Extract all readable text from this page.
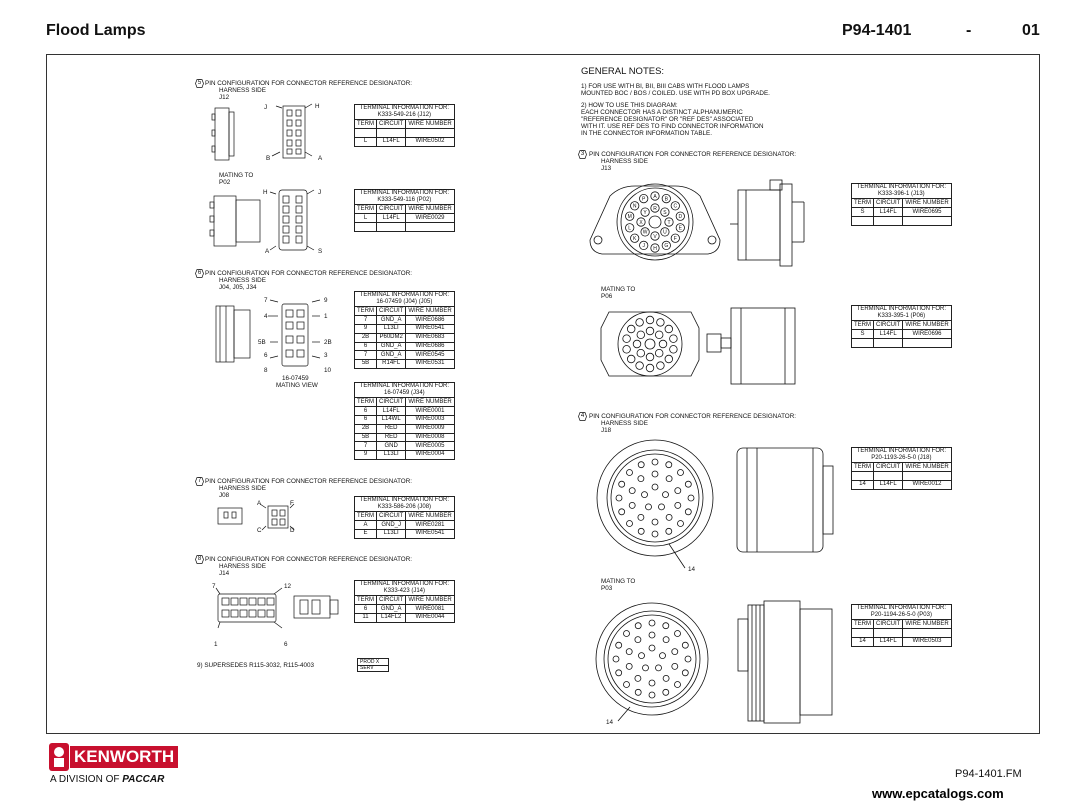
Flood Lamps	P94-1401	-	01
5 PIN CONFIGURATION FOR CONNECTOR REFERENCE DESIGNATOR:
HARNESS SIDE
J12
J	H
B	A
TERMINAL INFORMATION FOR:
K333-549-216 (J12)		
TERM	CIRCUIT	WIRE NUMBER

L	L14FL	WIRE0502
MATING TO
P02
H	J
A	S
TERMINAL INFORMATION FOR:
K333-549-116 (P02)		
TERM	CIRCUIT	WIRE NUMBER
L	L14FL	WIRE0029

6 PIN CONFIGURATION FOR CONNECTOR REFERENCE DESIGNATOR:
HARNESS SIDE
J04, J05, J34
7	9
4	1
5B	2B
6	3
8	10
16-07459
MATING VIEW
TERMINAL INFORMATION FOR:
16-07459 (J04) (J05)		
TERM	CIRCUIT	WIRE NUMBER
7	GND_A	WIRE0686
9	L13LI	WIRE0541
2B	P60DM2	WIRE0683
6	GND_A	WIRE0686
7	GND_A	WIRE0545
5B	R14FL	WIRE0531
TERMINAL INFORMATION FOR:
16-07459 (J34)		
TERM	CIRCUIT	WIRE NUMBER
6	L14FL	WIRE0001
6	L14WL	WIRE0003
2B	RED	WIRE0009
5B	RED	WIRE0008
7	GND	WIRE0005
9	L13LI	WIRE0004
7 PIN CONFIGURATION FOR CONNECTOR REFERENCE DESIGNATOR:
HARNESS SIDE
J08
A	F
C	D
TERMINAL INFORMATION FOR:
K333-586-206 (J08)		
TERM	CIRCUIT	WIRE NUMBER
A	GND_J	WIRE0281
E	L13LI	WIRE0541
8 PIN CONFIGURATION FOR CONNECTOR REFERENCE DESIGNATOR:
HARNESS SIDE
J14
7	12
1	6
TERMINAL INFORMATION FOR:
K333-423 (J14)		
TERM	CIRCUIT	WIRE NUMBER
6	GND_A	WIRE0081
11	L14FL2	WIRE0044
9) SUPERSEDES R115-3032, R115-4003	PROD X
SERV
GENERAL NOTES:
1) FOR USE WITH BI, BII, BIII CABS WITH FLOOD LAMPS
MOUNTED BOC / BOS / COILED. USE WITH PD BOX UPGRADE.
2) HOW TO USE THIS DIAGRAM:
EACH CONNECTOR HAS A DISTINCT ALPHANUMERIC
"REFERENCE DESIGNATOR" OR "REF DES" ASSOCIATED
WITH IT. USE REF DES TO FIND CONNECTOR INFORMATION
IN THE CONNECTOR INFORMATION TABLE.
3 PIN CONFIGURATION FOR CONNECTOR REFERENCE DESIGNATOR:
HARNESS SIDE
J13
A B
C
D
E
F
G
H
J
K
L
M
N
P
R
S
T
U
V
W
X
Y
TERMINAL INFORMATION FOR:
K333-396-1 (J13)		
TERM	CIRCUIT	WIRE NUMBER
S	L14FL	WIRE0695

MATING TO
P06
TERMINAL INFORMATION FOR:
K333-395-1 (P06)		
TERM	CIRCUIT	WIRE NUMBER
S	L14FL	WIRE0696

4 PIN CONFIGURATION FOR CONNECTOR REFERENCE DESIGNATOR:
HARNESS SIDE
J18
14
TERMINAL INFORMATION FOR:
P20-1193-26-5-0 (J18)		
TERM	CIRCUIT	WIRE NUMBER

14	L14FL	WIRE0012
MATING TO
P03
14
TERMINAL INFORMATION FOR:
P20-1194-26-5-0 (P03)		
TERM	CIRCUIT	WIRE NUMBER

14	L14FL	WIRE0503
KENWORTH
A DIVISION OF PACCAR	P94-1401.FM
www.epcatalogs.com
